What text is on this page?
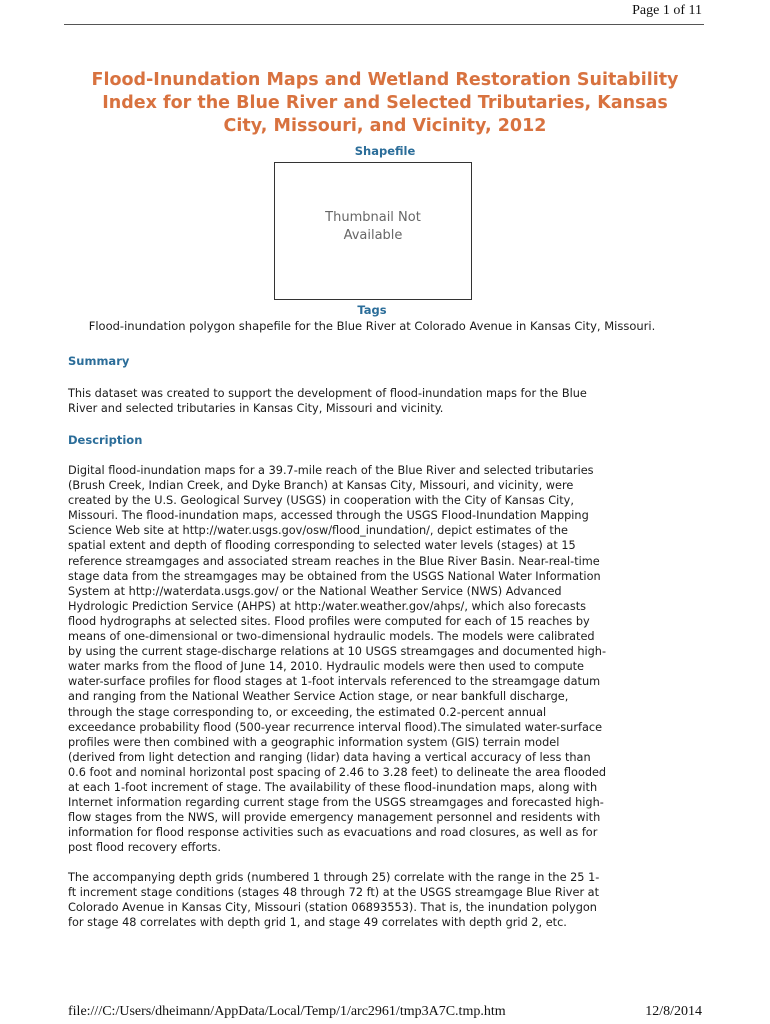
Page 1 of 11
Flood-Inundation Maps and Wetland Restoration Suitability
Index for the Blue River and Selected Tributaries, Kansas
City, Missouri, and Vicinity, 2012
Shapefile
Thumbnail Not
Available
Tags
Flood-inundation polygon shapefile for the Blue River at Colorado Avenue in Kansas City, Missouri.
Summary

This dataset was created to support the development of flood-inundation maps for the Blue
River and selected tributaries in Kansas City, Missouri and vicinity.

Description

Digital flood-inundation maps for a 39.7-mile reach of the Blue River and selected tributaries
(Brush Creek, Indian Creek, and Dyke Branch) at Kansas City, Missouri, and vicinity, were
created by the U.S. Geological Survey (USGS) in cooperation with the City of Kansas City,
Missouri. The flood-inundation maps, accessed through the USGS Flood-Inundation Mapping
Science Web site at http://water.usgs.gov/osw/flood_inundation/, depict estimates of the
spatial extent and depth of flooding corresponding to selected water levels (stages) at 15
reference streamgages and associated stream reaches in the Blue River Basin. Near-real-time
stage data from the streamgages may be obtained from the USGS National Water Information
System at http://waterdata.usgs.gov/ or the National Weather Service (NWS) Advanced
Hydrologic Prediction Service (AHPS) at http:/water.weather.gov/ahps/, which also forecasts
flood hydrographs at selected sites. Flood profiles were computed for each of 15 reaches by
means of one-dimensional or two-dimensional hydraulic models. The models were calibrated
by using the current stage-discharge relations at 10 USGS streamgages and documented high-
water marks from the flood of June 14, 2010. Hydraulic models were then used to compute
water-surface profiles for flood stages at 1-foot intervals referenced to the streamgage datum
and ranging from the National Weather Service Action stage, or near bankfull discharge,
through the stage corresponding to, or exceeding, the estimated 0.2-percent annual
exceedance probability flood (500-year recurrence interval flood).The simulated water-surface
profiles were then combined with a geographic information system (GIS) terrain model
(derived from light detection and ranging (lidar) data having a vertical accuracy of less than
0.6 foot and nominal horizontal post spacing of 2.46 to 3.28 feet) to delineate the area flooded
at each 1-foot increment of stage. The availability of these flood-inundation maps, along with
Internet information regarding current stage from the USGS streamgages and forecasted high-
flow stages from the NWS, will provide emergency management personnel and residents with
information for flood response activities such as evacuations and road closures, as well as for
post flood recovery efforts.

The accompanying depth grids (numbered 1 through 25) correlate with the range in the 25 1-
ft increment stage conditions (stages 48 through 72 ft) at the USGS streamgage Blue River at
Colorado Avenue in Kansas City, Missouri (station 06893553). That is, the inundation polygon
for stage 48 correlates with depth grid 1, and stage 49 correlates with depth grid 2, etc.

file:///C:/Users/dheimann/AppData/Local/Temp/1/arc2961/tmp3A7C.tmp.htm	12/8/2014
